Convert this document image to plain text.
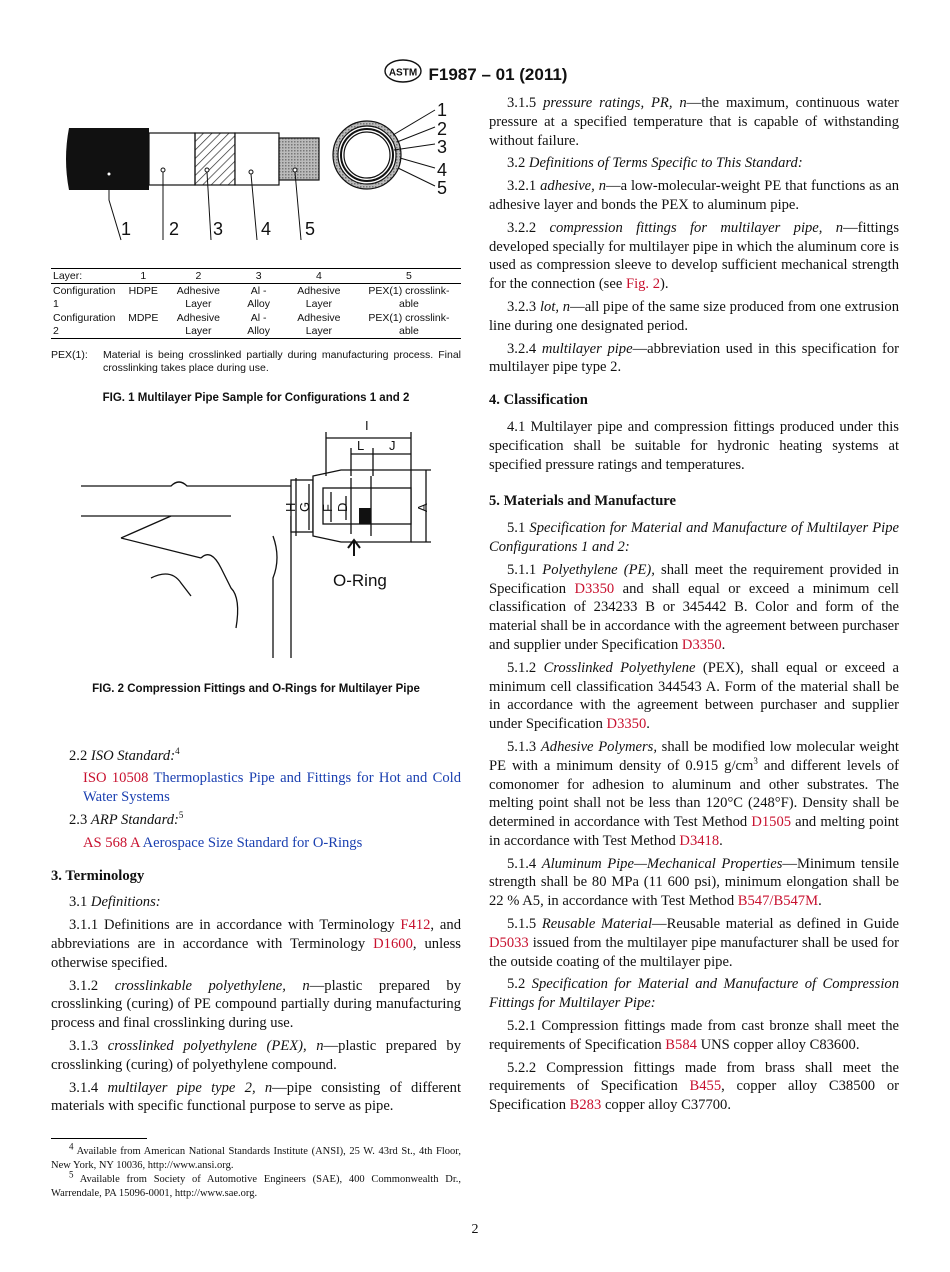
ASTM F1987 – 01 (2011)
1 2 3 4 5
1
2
3
4
5
Layer:	1	2	3	4	5
Configuration 1	HDPE	Adhesive Layer	Al - Alloy	Adhesive Layer	PEX(1) crosslink-able
Configuration 2	MDPE	Adhesive Layer	Al - Alloy	Adhesive Layer	PEX(1) crosslink-able
PEX(1):	Material is being crosslinked partially during manufacturing process. Final crosslinking takes place during use.
FIG. 1 Multilayer Pipe Sample for Configurations 1 and 2
I
L J
H G F D	A
O-Ring
FIG. 2 Compression Fittings and O-Rings for Multilayer Pipe

2.2 ISO Standard:$^4$

ISO 10508 Thermoplastics Pipe and Fittings for Hot and Cold Water Systems

2.3 ARP Standard:$^5$

AS 568 A Aerospace Size Standard for O-Rings

3. Terminology

3.1 Definitions:

3.1.1 Definitions are in accordance with Terminology F412, and abbreviations are in accordance with Terminology D1600, unless otherwise specified.

3.1.2 crosslinkable polyethylene, n—plastic prepared by crosslinking (curing) of PE compound partially during manufacturing process and final crosslinking during use.

3.1.3 crosslinked polyethylene (PEX), n—plastic prepared by crosslinking (curing) of polyethylene compound.

3.1.4 multilayer pipe type 2, n—pipe consisting of different materials with specific functional purpose to serve as pipe.

$^4$ Available from American National Standards Institute (ANSI), 25 W. 43rd St., 4th Floor, New York, NY 10036, http://www.ansi.org.

$^5$ Available from Society of Automotive Engineers (SAE), 400 Commonwealth Dr., Warrendale, PA 15096-0001, http://www.sae.org.

3.1.5 pressure ratings, PR, n—the maximum, continuous water pressure at a specified temperature that is capable of withstanding without failure.

3.2 Definitions of Terms Specific to This Standard:

3.2.1 adhesive, n—a low-molecular-weight PE that functions as an adhesive layer and bonds the PEX to aluminum pipe.

3.2.2 compression fittings for multilayer pipe, n—fittings developed specially for multilayer pipe in which the aluminum core is used as compression sleeve to develop sufficient mechanical strength for the connection (see Fig. 2).

3.2.3 lot, n—all pipe of the same size produced from one extrusion line during one designated period.

3.2.4 multilayer pipe—abbreviation used in this specification for multilayer pipe type 2.

4. Classification

4.1 Multilayer pipe and compression fittings produced under this specification shall be suitable for hydronic heating systems at specified pressure ratings and temperatures.

5. Materials and Manufacture

5.1 Specification for Material and Manufacture of Multilayer Pipe Configurations 1 and 2:

5.1.1 Polyethylene (PE), shall meet the requirement provided in Specification D3350 and shall equal or exceed a minimum cell classification of 234233 B or 345442 B. Color and form of the material shall be in accordance with the agreement between purchaser and supplier under Specification D3350.

5.1.2 Crosslinked Polyethylene (PEX), shall equal or exceed a minimum cell classification 344543 A. Form of the material shall be in accordance with the agreement between purchaser and supplier under Specification D3350.

5.1.3 Adhesive Polymers, shall be modified low molecular weight PE with a minimum density of 0.915 $g/cm^3$ and different levels of comonomer for adhesion to aluminum and other substrates. The melting point shall not be less than 120°C (248°F). Density shall be determined in accordance with Test Method D1505 and melting point in accordance with Test Method D3418.

5.1.4 Aluminum Pipe—Mechanical Properties—Minimum tensile strength shall be 80 MPa (11 600 psi), minimum elongation shall be 22 % A5, in accordance with Test Method B547/B547M.

5.1.5 Reusable Material—Reusable material as defined in Guide D5033 issued from the multilayer pipe manufacturer shall be used for the outside coating of the multilayer pipe.

5.2 Specification for Material and Manufacture of Compression Fittings for Multilayer Pipe:

5.2.1 Compression fittings made from cast bronze shall meet the requirements of Specification B584 UNS copper alloy C83600.

5.2.2 Compression fittings made from brass shall meet the requirements of Specification B455, copper alloy C38500 or Specification B283 copper alloy C37700.

2
